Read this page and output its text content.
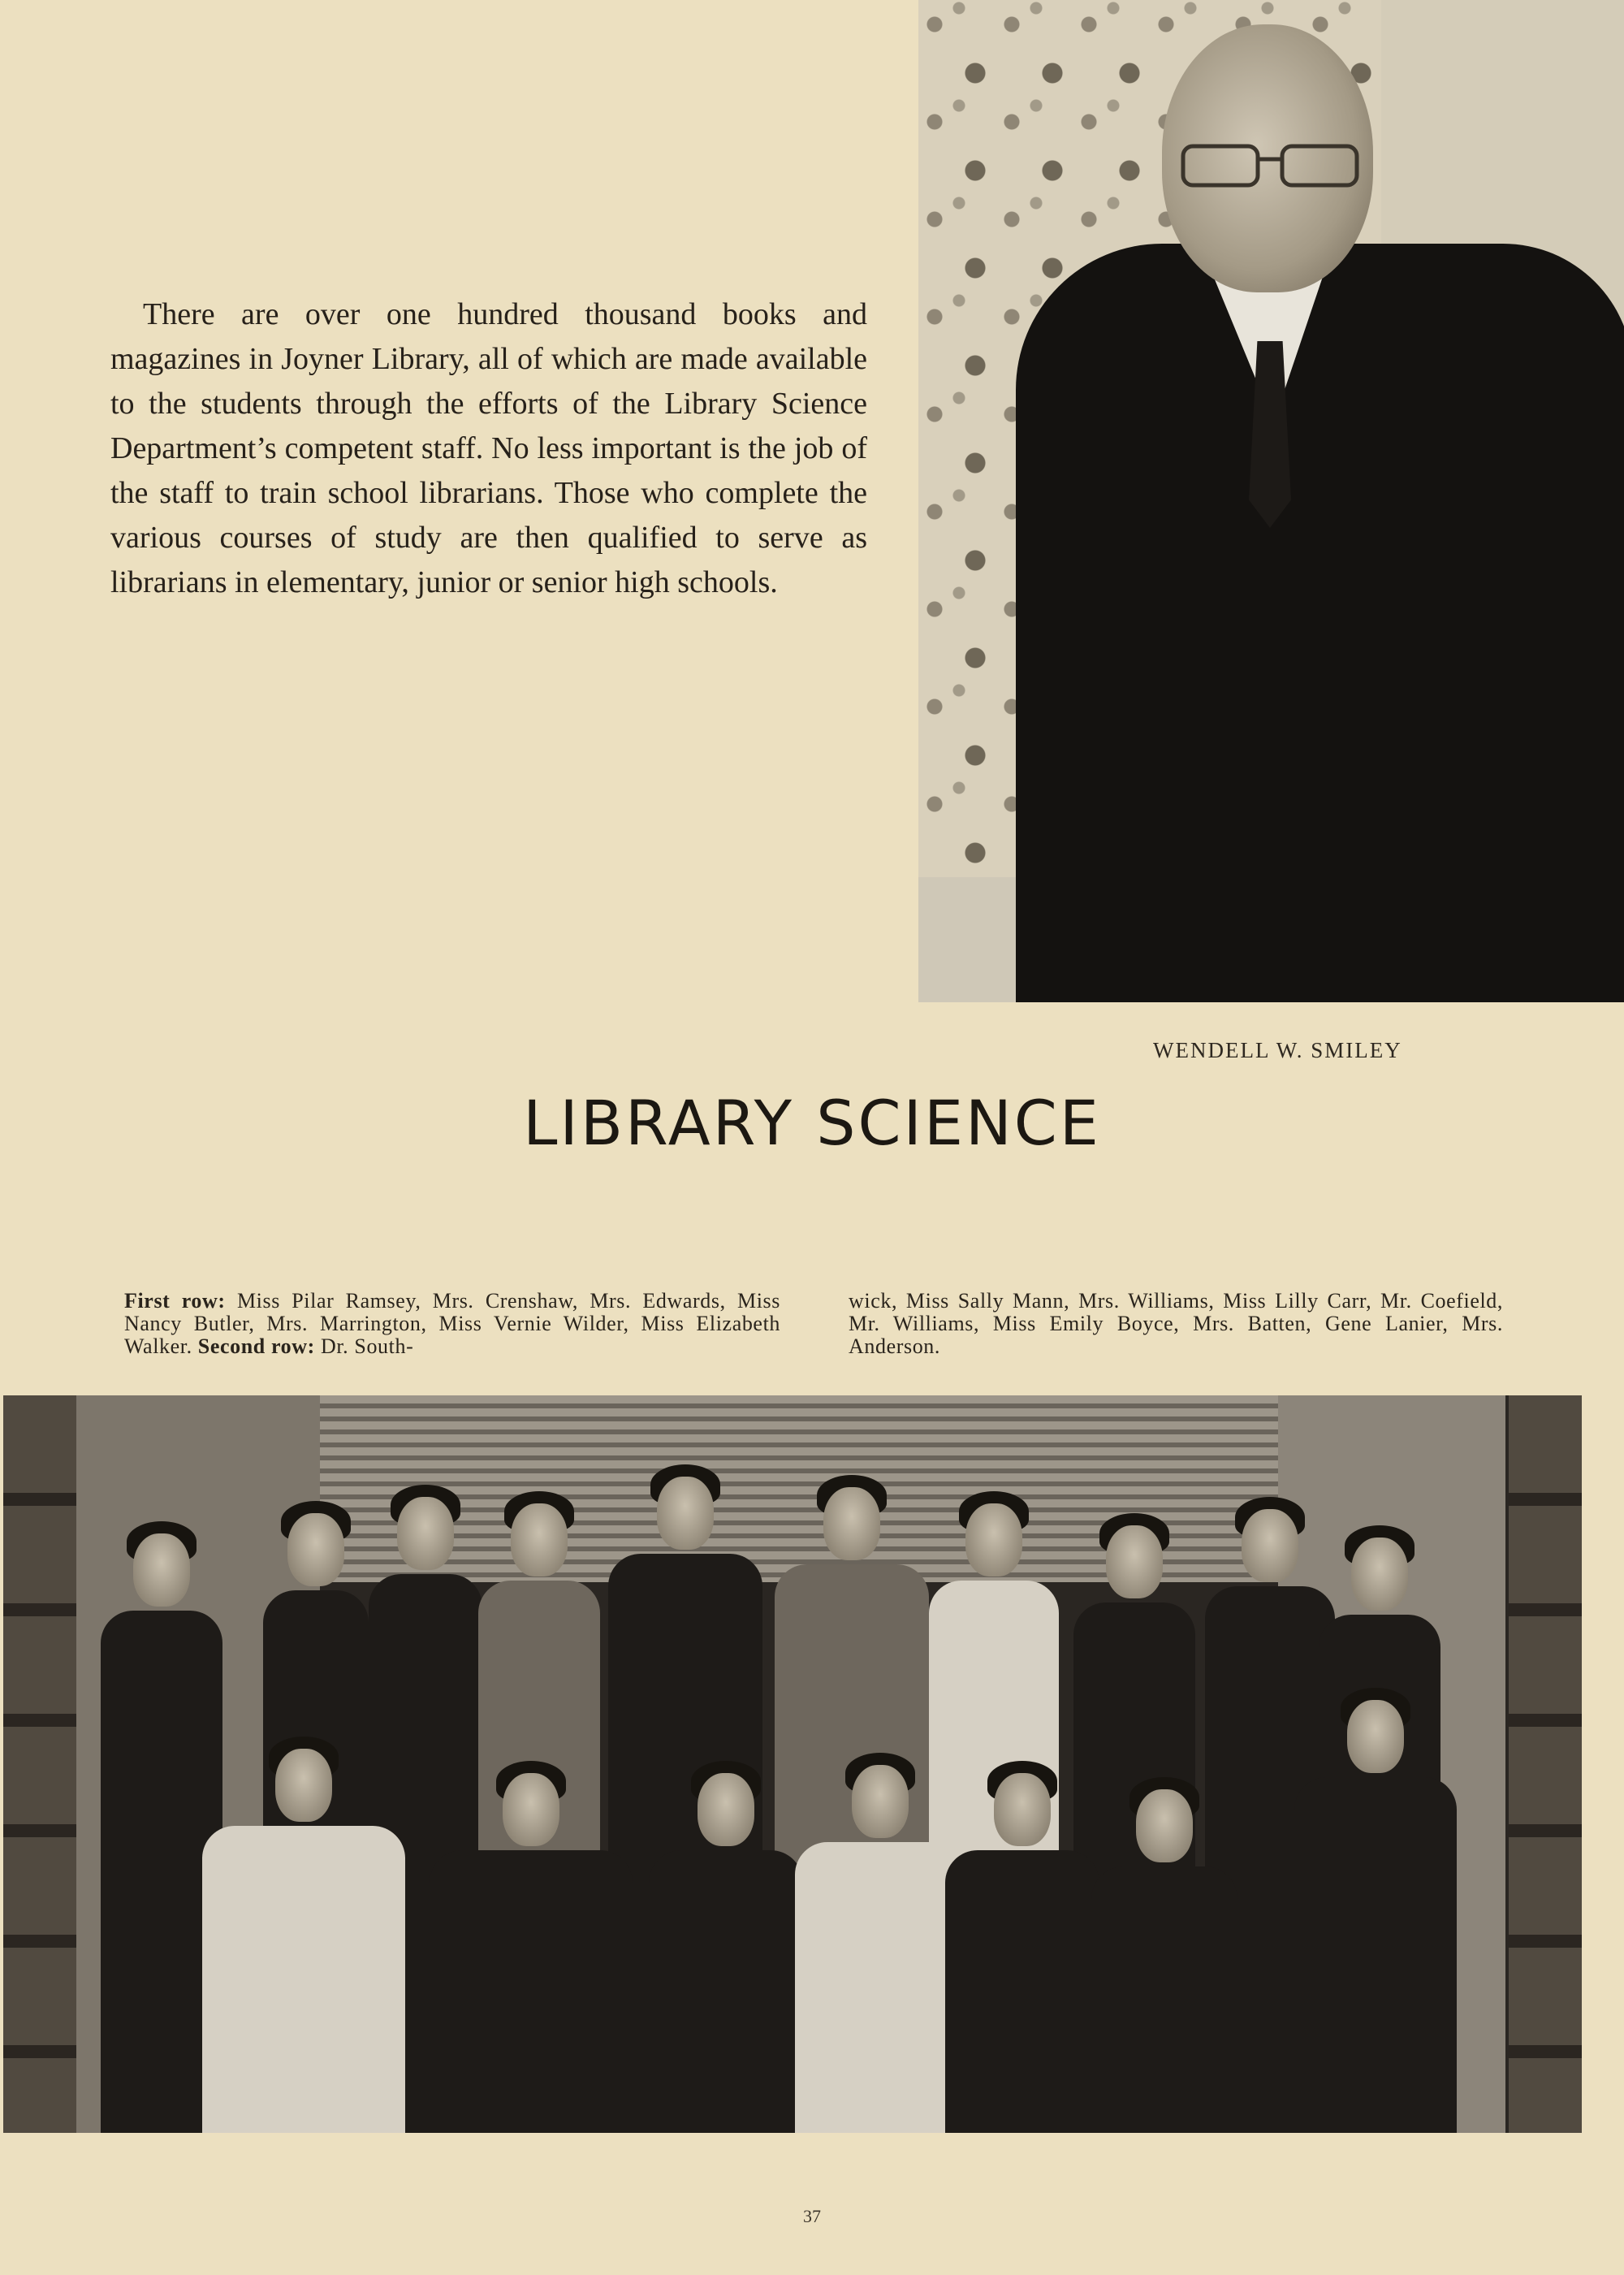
There are over one hundred thousand books and magazines in Joyner Library, all of which are made available to the students through the efforts of the Library Science Department’s competent staff. No less important is the job of the staff to train school librarians. Those who complete the various courses of study are then qualified to serve as librarians in elementary, junior or senior high schools.

WENDELL W. SMILEY
LIBRARY SCIENCE

First row: Miss Pilar Ramsey, Mrs. Crenshaw, Mrs. Edwards, Miss Nancy Butler, Mrs. Marrington, Miss Vernie Wilder, Miss Elizabeth Walker. Second row: Dr. South-

wick, Miss Sally Mann, Mrs. Williams, Miss Lilly Carr, Mr. Coefield, Mr. Williams, Miss Emily Boyce, Mrs. Batten, Gene Lanier, Mrs. Anderson.

37
